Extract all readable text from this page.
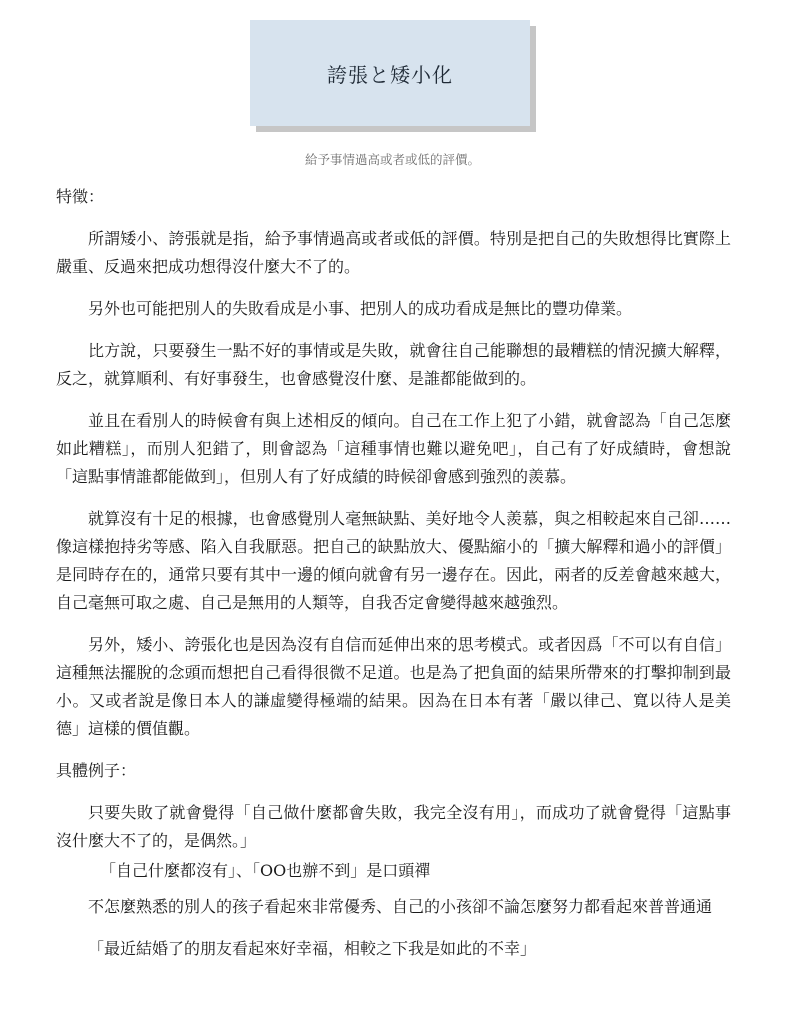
誇張と矮小化
給予事情過高或者或低的評價。
特徵：

所謂矮小、誇張就是指，給予事情過高或者或低的評價。特別是把自己的失敗想得比實際上嚴重、反過來把成功想得沒什麼大不了的。

另外也可能把別人的失敗看成是小事、把別人的成功看成是無比的豐功偉業。

比方說，只要發生一點不好的事情或是失敗，就會往自己能聯想的最糟糕的情況擴大解釋，反之，就算順利、有好事發生，也會感覺沒什麼、是誰都能做到的。

並且在看別人的時候會有與上述相反的傾向。自己在工作上犯了小錯，就會認為「自己怎麼如此糟糕」，而別人犯錯了，則會認為「這種事情也難以避免吧」，自己有了好成績時，會想說「這點事情誰都能做到」，但別人有了好成績的時候卻會感到強烈的羨慕。

就算沒有十足的根據，也會感覺別人毫無缺點、美好地令人羨慕，與之相較起來自己卻……像這樣抱持劣等感、陷入自我厭惡。把自己的缺點放大、優點縮小的「擴大解釋和過小的評價」是同時存在的，通常只要有其中一邊的傾向就會有另一邊存在。因此，兩者的反差會越來越大，自己毫無可取之處、自己是無用的人類等，自我否定會變得越來越強烈。

另外，矮小、誇張化也是因為沒有自信而延伸出來的思考模式。或者因爲「不可以有自信」這種無法擺脫的念頭而想把自己看得很微不足道。也是為了把負面的結果所帶來的打擊抑制到最小。又或者說是像日本人的謙虛變得極端的結果。因為在日本有著「嚴以律己、寬以待人是美德」這樣的價值觀。

具體例子：

只要失敗了就會覺得「自己做什麼都會失敗，我完全沒有用」，而成功了就會覺得「這點事沒什麼大不了的，是偶然。」

「自己什麼都沒有」、「OO也辦不到」是口頭禪

不怎麼熟悉的別人的孩子看起來非常優秀、自己的小孩卻不論怎麼努力都看起來普普通通

「最近結婚了的朋友看起來好幸福，相較之下我是如此的不幸」
